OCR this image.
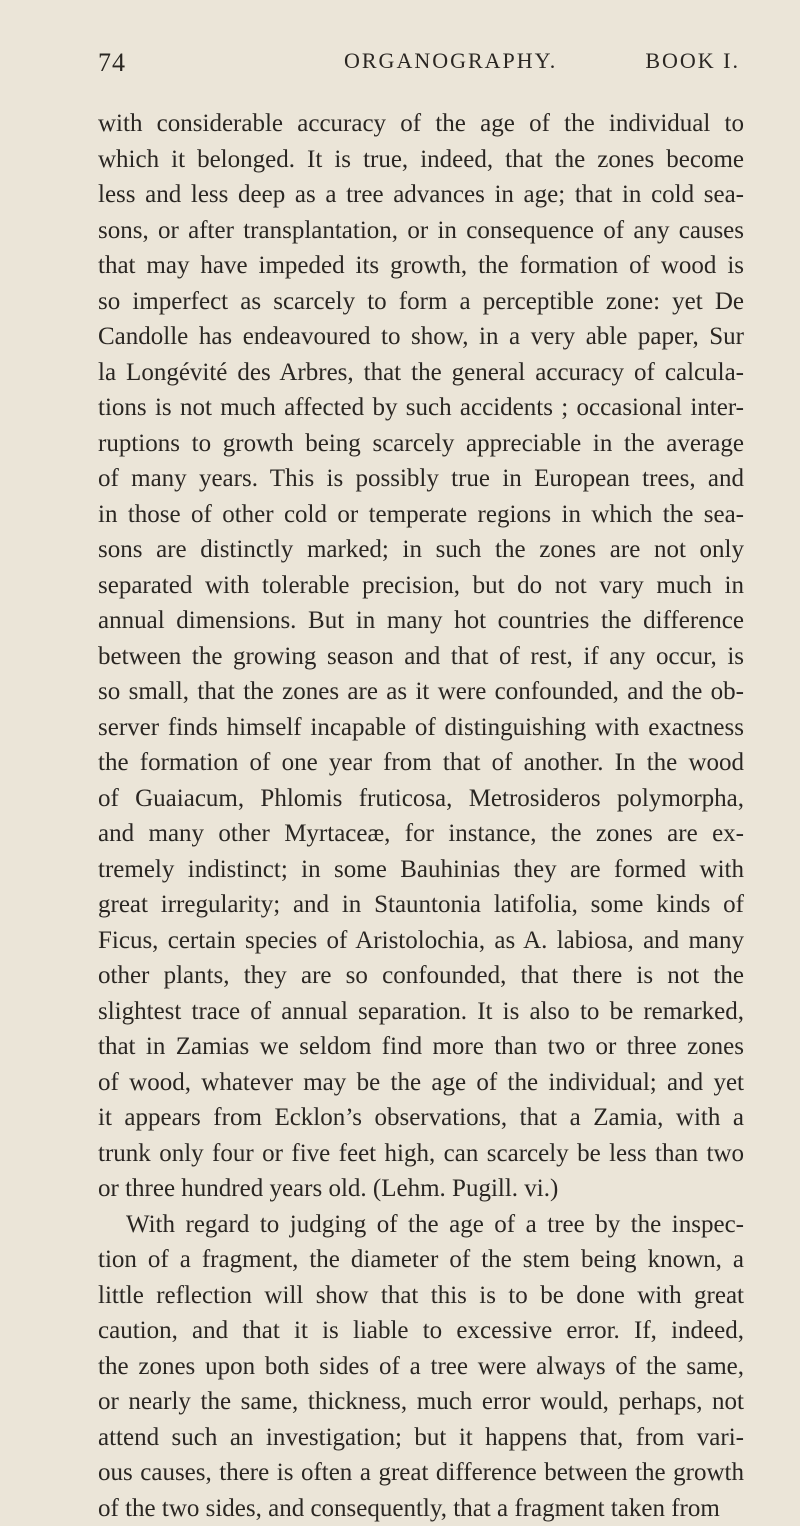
74	ORGANOGRAPHY.	BOOK I.
with considerable accuracy of the age of the individual to
which it belonged. It is true, indeed, that the zones become
less and less deep as a tree advances in age; that in cold sea-
sons, or after transplantation, or in consequence of any causes
that may have impeded its growth, the formation of wood is
so imperfect as scarcely to form a perceptible zone: yet De
Candolle has endeavoured to show, in a very able paper, Sur
la Longévité des Arbres, that the general accuracy of calcula-
tions is not much affected by such accidents ; occasional inter-
ruptions to growth being scarcely appreciable in the average
of many years. This is possibly true in European trees, and
in those of other cold or temperate regions in which the sea-
sons are distinctly marked; in such the zones are not only
separated with tolerable precision, but do not vary much in
annual dimensions. But in many hot countries the difference
between the growing season and that of rest, if any occur, is
so small, that the zones are as it were confounded, and the ob-
server finds himself incapable of distinguishing with exactness
the formation of one year from that of another. In the wood
of Guaiacum, Phlomis fruticosa, Metrosideros polymorpha,
and many other Myrtaceæ, for instance, the zones are ex-
tremely indistinct; in some Bauhinias they are formed with
great irregularity; and in Stauntonia latifolia, some kinds of
Ficus, certain species of Aristolochia, as A. labiosa, and many
other plants, they are so confounded, that there is not the
slightest trace of annual separation. It is also to be remarked,
that in Zamias we seldom find more than two or three zones
of wood, whatever may be the age of the individual; and yet
it appears from Ecklon’s observations, that a Zamia, with a
trunk only four or five feet high, can scarcely be less than two
or three hundred years old. (Lehm. Pugill. vi.)
With regard to judging of the age of a tree by the inspec-
tion of a fragment, the diameter of the stem being known, a
little reflection will show that this is to be done with great
caution, and that it is liable to excessive error. If, indeed,
the zones upon both sides of a tree were always of the same,
or nearly the same, thickness, much error would, perhaps, not
attend such an investigation; but it happens that, from vari-
ous causes, there is often a great difference between the growth
of the two sides, and consequently, that a fragment taken from
